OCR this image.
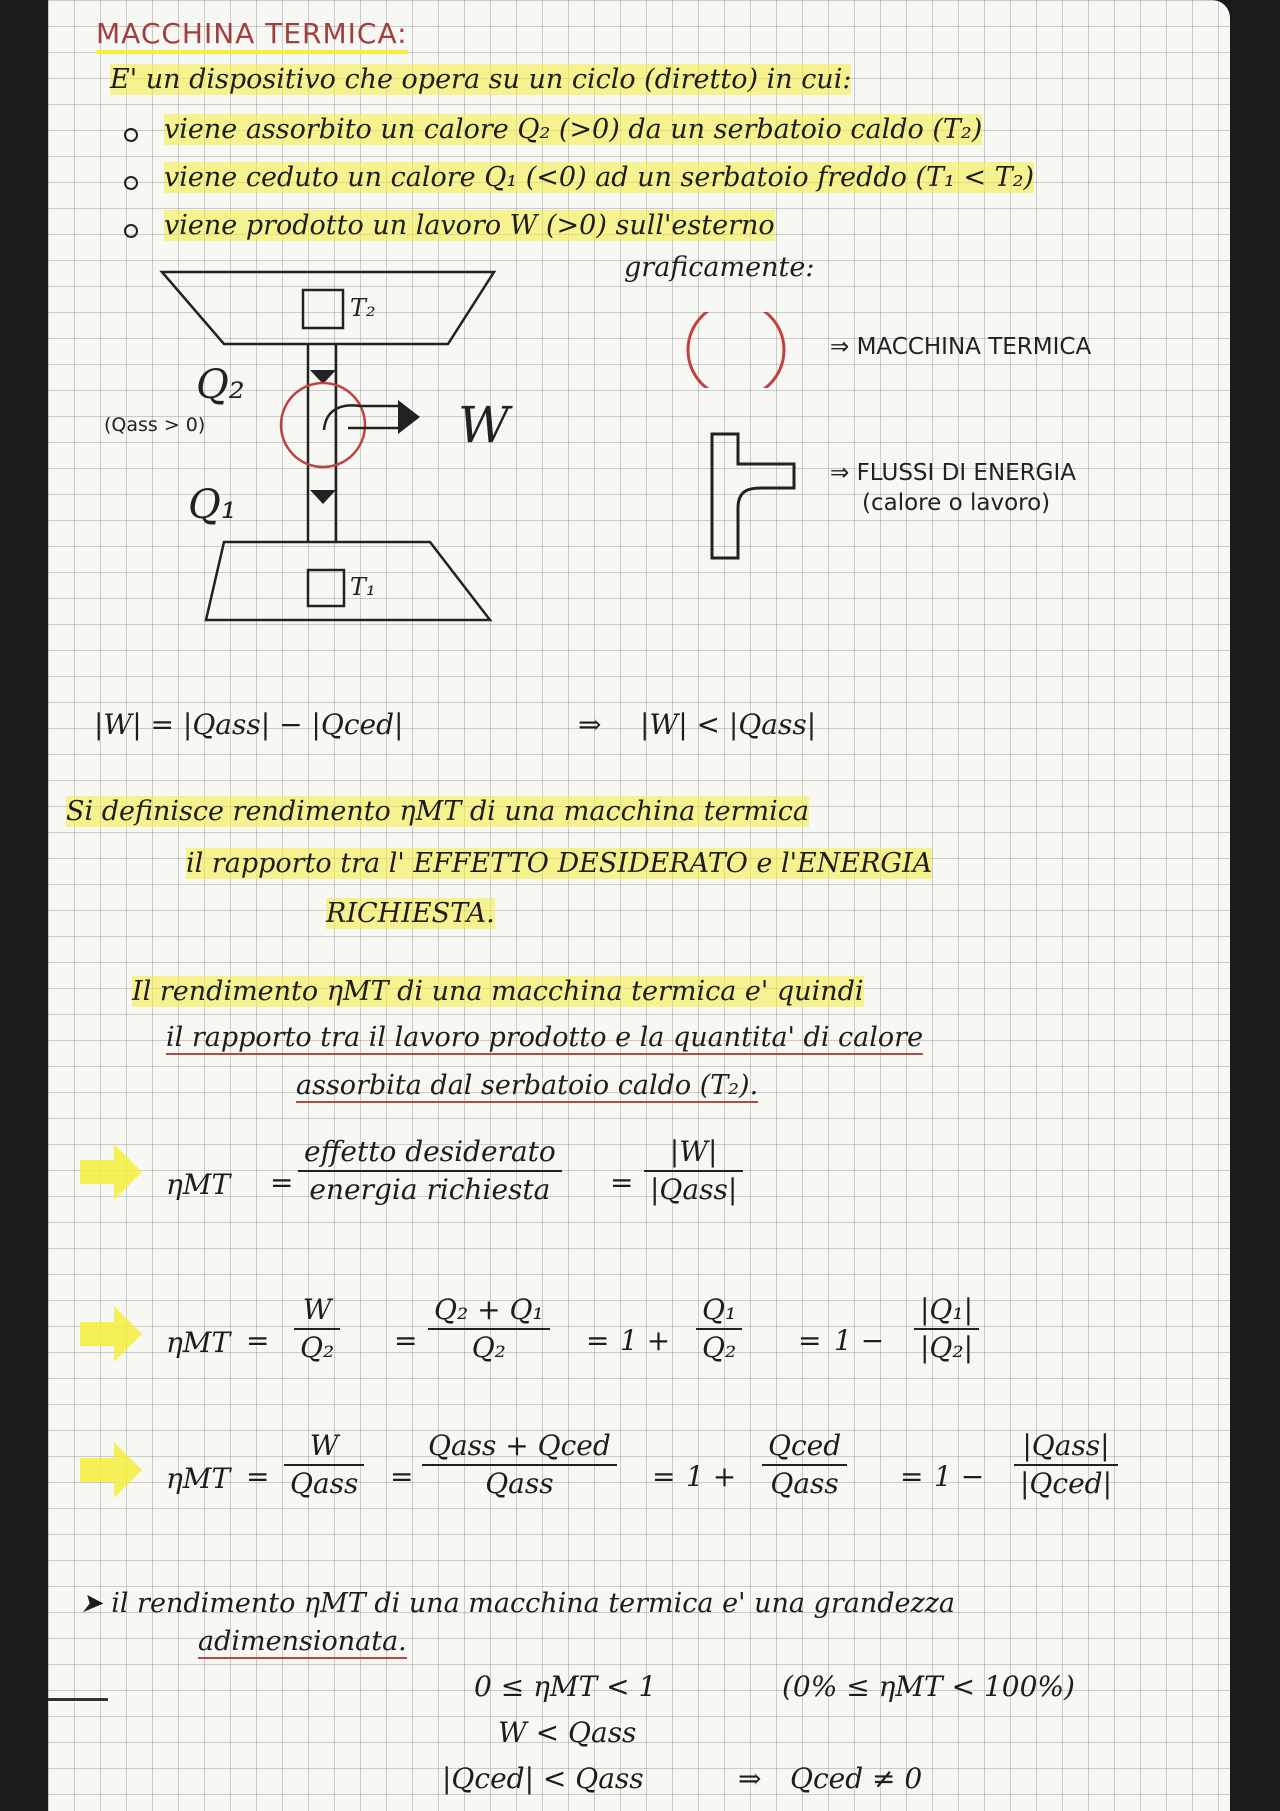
MACCHINA TERMICA:
E' un dispositivo che opera su un ciclo (diretto) in cui:
viene assorbito un calore Q₂ (>0) da un serbatoio caldo (T₂)
viene ceduto un calore Q₁ (<0) ad un serbatoio freddo (T₁ < T₂)
viene prodotto un lavoro W (>0) sull'esterno
T₂
T₁
Q₂
(Qass > 0)
Q₁
W
graficamente:
⇒ MACCHINA TERMICA
⇒ FLUSSI DI ENERGIA
(calore o lavoro)
|W| = |Qass| − |Qced|	⇒ |W| < |Qass|
Si definisce rendimento ηMT di una macchina termica
il rapporto tra l' EFFETTO DESIDERATO e l'ENERGIA
RICHIESTA.
Il rendimento ηMT di una macchina termica e' quindi
il rapporto tra il lavoro prodotto e la quantita' di calore
assorbita dal serbatoio caldo (T₂).
ηMT =
effetto desiderato
energia richiesta	=
|W|
|Qass|
$\eta MT = \frac{W}{\text{Q₂}} = \frac{\text{Q₂ + Q₁}}{\text{Q₂}} = 1 + \frac{\text{Q₁}}{\text{Q₂}} = 1 - \frac{\text{|Q₁|}}{\text{|Q₂|}}$
ηMT =
W
Qass =
Qass + Qced
Qass	= 1 +
Qced
Qass = 1 −
|Qass|
|Qced|
➤ il rendimento ηMT di una macchina termica e' una grandezza
adimensionata.
0 ≤ ηMT < 1	(0% ≤ ηMT < 100%)
W < Qass
|Qced| < Qass	⇒ Qced ≠ 0
